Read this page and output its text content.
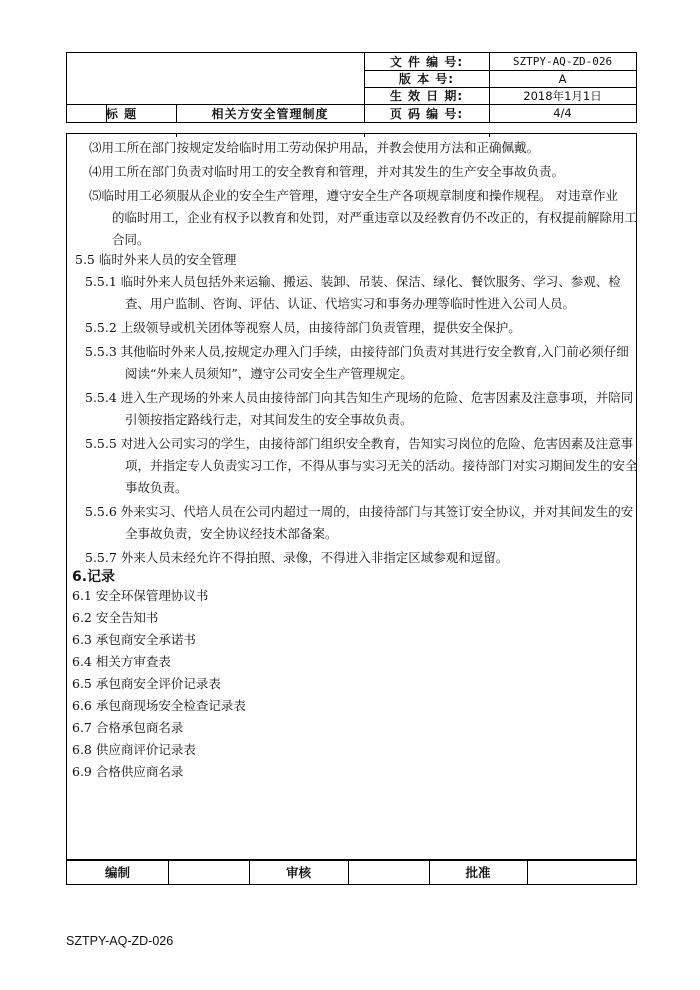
文 件 编 号:	SZTPY-AQ-ZD-026
版 本 号:	A
生 效 日 期:	2018年1月1日
标 题	相关方安全管理制度	页 码 编 号:	4/4
⑶用工所在部门按规定发给临时用工劳动保护用品，并教会使用方法和正确佩戴。
⑷用工所在部门负责对临时用工的安全教育和管理，并对其发生的生产安全事故负责。
⑸临时用工必须服从企业的安全生产管理，遵守安全生产各项规章制度和操作规程。 对违章作业
的临时用工，企业有权予以教育和处罚，对严重违章以及经教育仍不改正的，有权提前解除用工
合同。
5.5 临时外来人员的安全管理
5.5.1 临时外来人员包括外来运输、搬运、装卸、吊装、保洁、绿化、餐饮服务、学习、参观、检
查、用户监制、咨询、评估、认证、代培实习和事务办理等临时性进入公司人员。
5.5.2 上级领导或机关团体等视察人员，由接待部门负责管理，提供安全保护。
5.5.3 其他临时外来人员,按规定办理入门手续，由接待部门负责对其进行安全教育,入门前必须仔细
阅读“外来人员须知”，遵守公司安全生产管理规定。
5.5.4 进入生产现场的外来人员由接待部门向其告知生产现场的危险、危害因素及注意事项，并陪同
引领按指定路线行走，对其间发生的安全事故负责。
5.5.5 对进入公司实习的学生，由接待部门组织安全教育，告知实习岗位的危险、危害因素及注意事
项，并指定专人负责实习工作，不得从事与实习无关的活动。接待部门对实习期间发生的安全
事故负责。
5.5.6 外来实习、代培人员在公司内超过一周的，由接待部门与其签订安全协议，并对其间发生的安
全事故负责，安全协议经技术部备案。
5.5.7 外来人员未经允许不得拍照、录像，不得进入非指定区域参观和逗留。
6.记录
6.1 安全环保管理协议书
6.2 安全告知书
6.3 承包商安全承诺书
6.4 相关方审查表
6.5 承包商安全评价记录表
6.6 承包商现场安全检查记录表
6.7 合格承包商名录
6.8 供应商评价记录表
6.9 合格供应商名录
编制	审核	批准
SZTPY-AQ-ZD-026
